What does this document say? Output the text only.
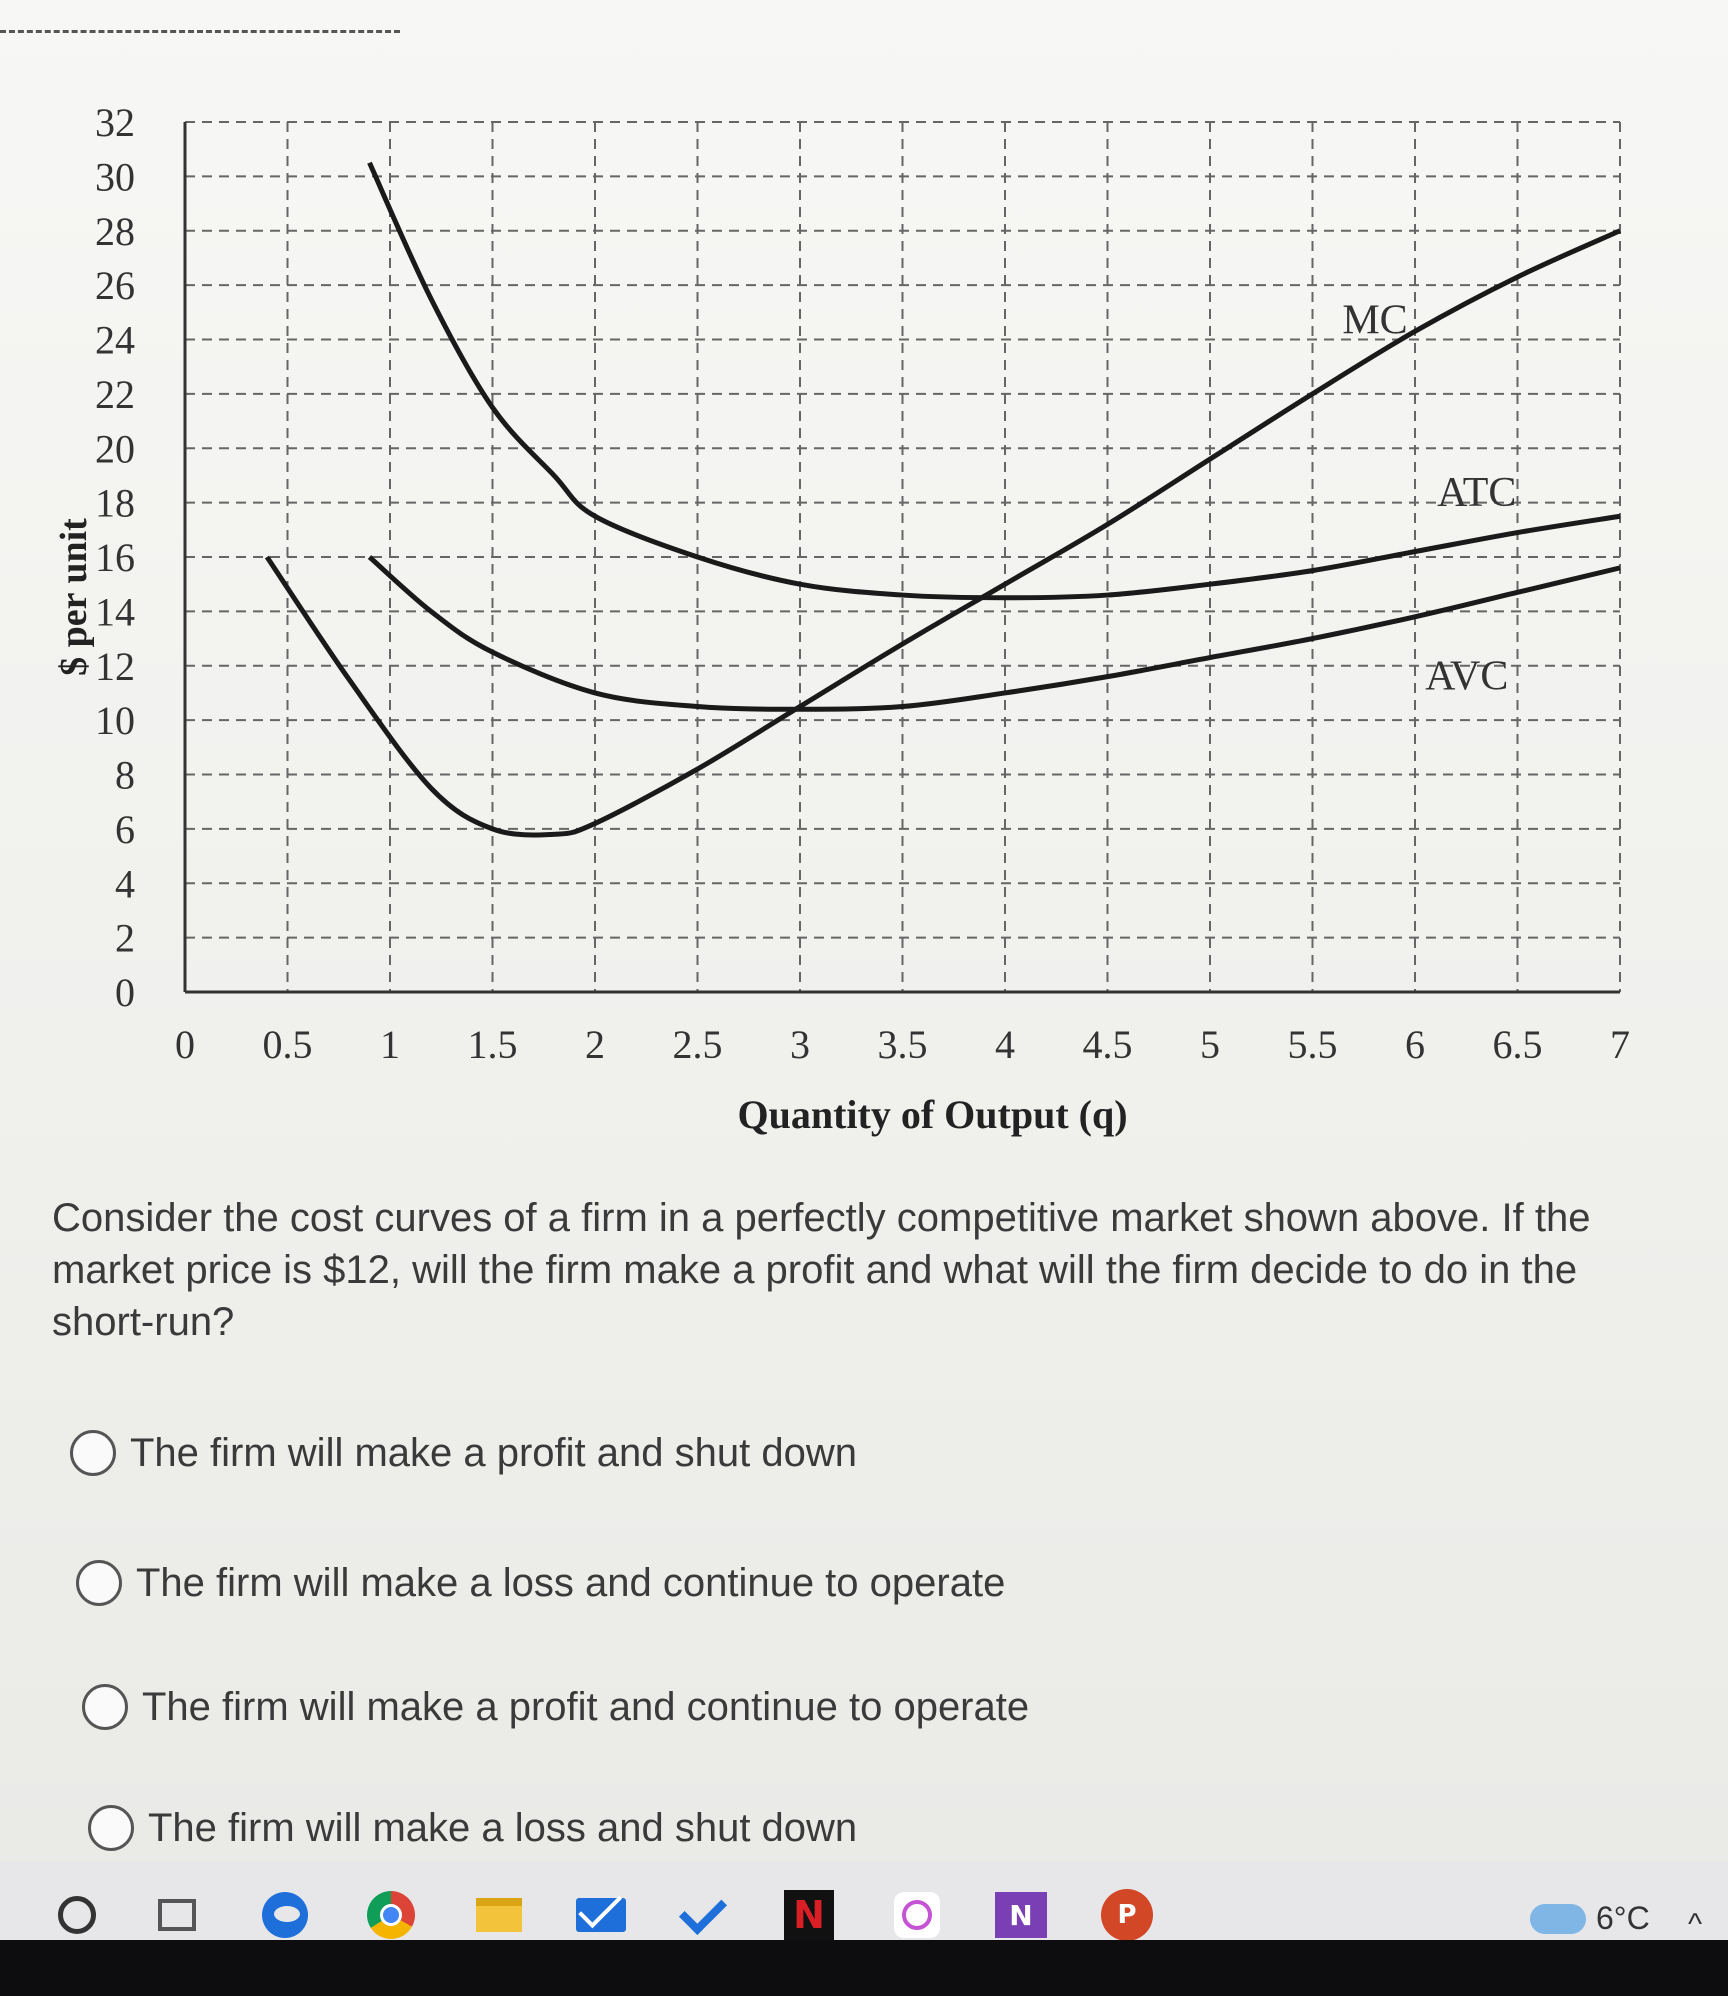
0
2
4
6
8
10
12
14
16
18
20
22
24
26
28
30
32
0 0.5 1 1.5 2 2.5 3 3.5 4 4.5 5 5.5 6 6.5 7
Quantity of Output (q)
$ per unit
MC
ATC
AVC
Consider the cost curves of a firm in a perfectly competitive market shown above. If the market price is $12, will the firm make a profit and what will the firm decide to do in the short-run?
The firm will make a profit and shut down
The firm will make a loss and continue to operate
The firm will make a profit and continue to operate
The firm will make a loss and shut down
N	N	P	6°C ^
